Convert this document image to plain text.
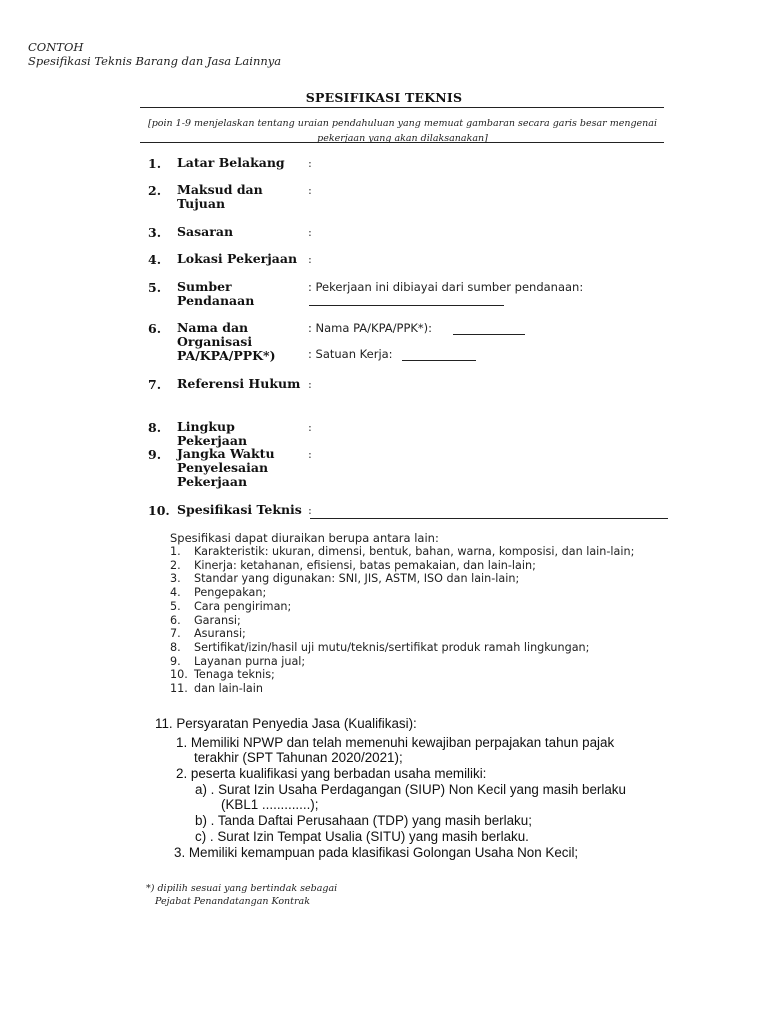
CONTOH
Spesifikasi Teknis Barang dan Jasa Lainnya
SPESIFIKASI TEKNIS
[poin 1-9 menjelaskan tentang uraian pendahuluan yang memuat gambaran secara garis besar mengenai
pekerjaan yang akan dilaksanakan]
1.	Latar Belakang	:
2.	Maksud dan Tujuan
:
3.	Sasaran	:
4.	Lokasi Pekerjaan :
5.	Sumber Pendanaan
: Pekerjaan ini dibiayai dari sumber pendanaan:
6.	Nama dan Organisasi PA/KPA/PPK*)
: Nama PA/KPA/PPK*):
: Satuan Kerja:
7.	Referensi Hukum :
8.	Lingkup Pekerjaan
:
9.	Jangka Waktu Penyelesaian Pekerjaan
:
10. Spesifikasi Teknis :
Spesifikasi dapat diuraikan berupa antara lain:
1.	Karakteristik: ukuran, dimensi, bentuk, bahan, warna, komposisi, dan lain-lain;
2.	Kinerja: ketahanan, efisiensi, batas pemakaian, dan lain-lain;
3.	Standar yang digunakan: SNI, JIS, ASTM, ISO dan lain-lain;
4.	Pengepakan;
5.	Cara pengiriman;
6.	Garansi;
7.	Asuransi;
8.	Sertifikat/izin/hasil uji mutu/teknis/sertifikat produk ramah lingkungan;
9.	Layanan purna jual;
10. Tenaga teknis;
11. dan lain-lain
11. Persyaratan Penyedia Jasa (Kualifikasi):
1. Memiliki NPWP dan telah memenuhi kewajiban perpajakan tahun pajak
terakhir (SPT Tahunan 2020/2021);
2. peserta kualifikasi yang berbadan usaha memiliki:
a) . Surat Izin Usaha Perdagangan (SIUP) Non Kecil yang masih berlaku
(KBL1 .............);
b) . Tanda Daftai Perusahaan (TDP) yang masih berlaku;
c) . Surat Izin Tempat Usalia (SITU) yang masih berlaku.
3. Memiliki kemampuan pada klasifikasi Golongan Usaha Non Kecil;
*) dipilih sesuai yang bertindak sebagai
Pejabat Penandatangan Kontrak
